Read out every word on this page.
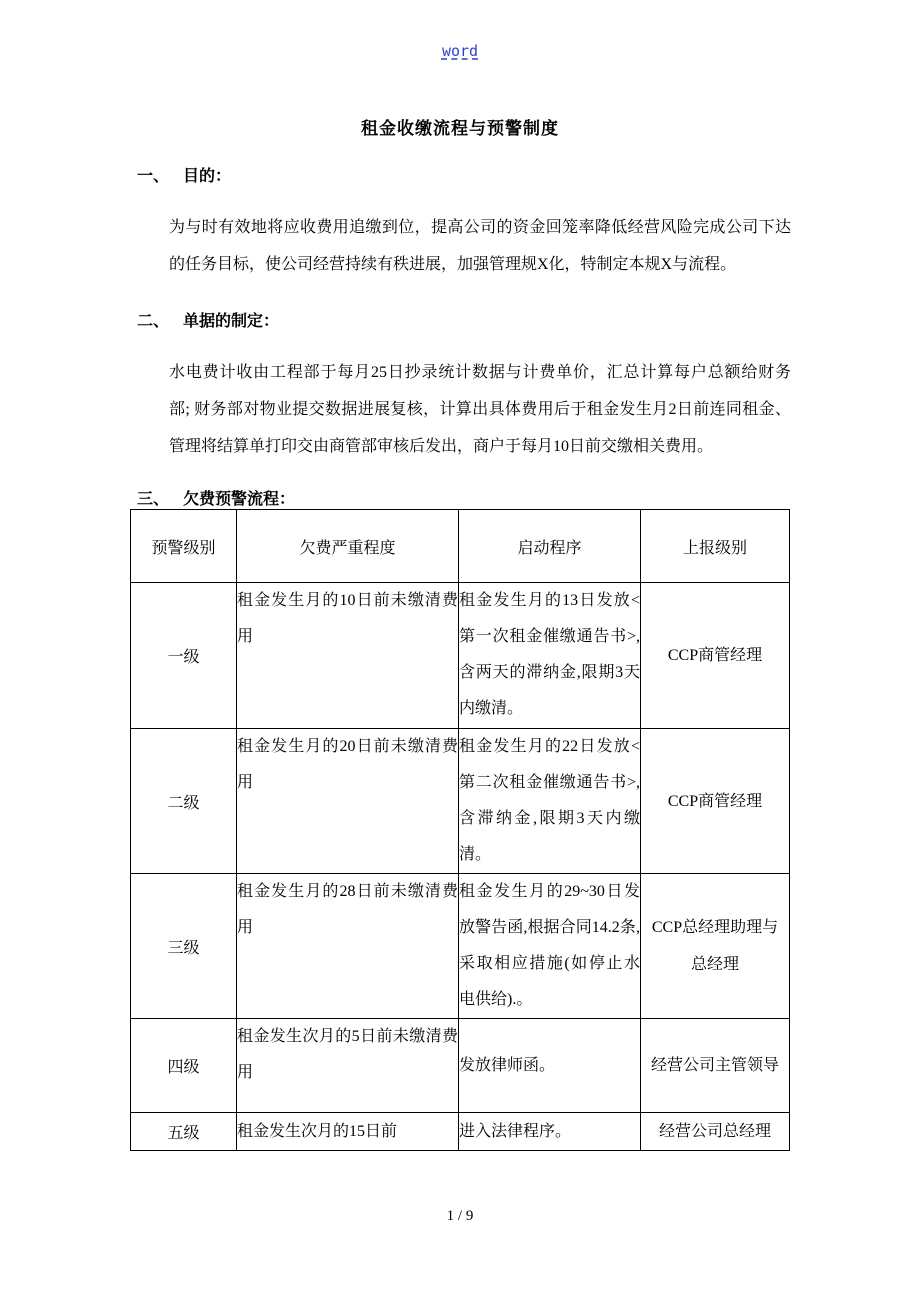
word
租金收缴流程与预警制度
一、 目的：
为与时有效地将应收费用追缴到位，提高公司的资金回笼率降低经营风险完成公司下达
的任务目标，使公司经营持续有秩进展，加强管理规X化，特制定本规X与流程。
二、 单据的制定：
水电费计收由工程部于每月25日抄录统计数据与计费单价，汇总计算每户总额给财务
部; 财务部对物业提交数据进展复核，计算出具体费用后于租金发生月2日前连同租金、管理将结算单打印交由商管部审核后发出，商户于每月10日前交缴相关费用。
三、 欠费预警流程：
预警级别	欠费严重程度	启动程序	上报级别
一级	租金发生月的10日前未缴清费用	租金发生月的13日发放<第一次租金催缴通告书>,含两天的滞纳金,限期3天内缴清。	CCP商管经理
二级	租金发生月的20日前未缴清费用	租金发生月的22日发放<第二次租金催缴通告书>,含滞纳金,限期3天内缴清。	CCP商管经理
三级	租金发生月的28日前未缴清费用	租金发生月的29~30日发放警告函,根据合同14.2条,采取相应措施(如停止水电供给).。	CCP总经理助理与总经理
四级	租金发生次月的5日前未缴清费用	发放律师函。	经营公司主管领导
五级	租金发生次月的15日前	进入法律程序。	经营公司总经理
1 / 9
